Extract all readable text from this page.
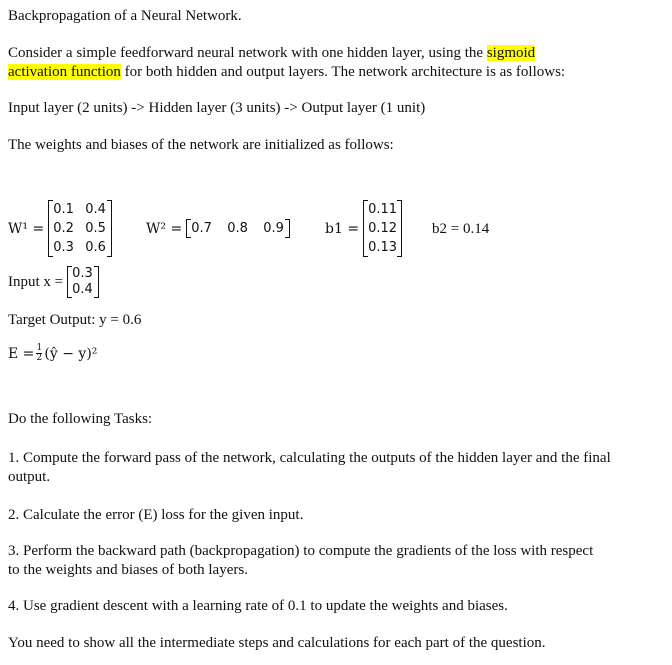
Backpropagation of a Neural Network.
Consider a simple feedforward neural network with one hidden layer, using the sigmoid
activation function for both hidden and output layers. The network architecture is as follows:
Input layer (2 units) -> Hidden layer (3 units) -> Output layer (1 unit)
The weights and biases of the network are initialized as follows:
W¹ =
0.1 0.4
0.2 0.5
0.3 0.6
W² = 0.7 0.8 0.9	b1 =
0.11
0.12
0.13
b2 = 0.14
Input x = 0.3
0.4
Target Output: y = 0.6
$E = \frac{1}{2}$ (ŷ − y)²
Do the following Tasks:
1. Compute the forward pass of the network, calculating the outputs of the hidden layer and the final output.
2. Calculate the error (E) loss for the given input.
3. Perform the backward path (backpropagation) to compute the gradients of the loss with respect to the weights and biases of both layers.
4. Use gradient descent with a learning rate of 0.1 to update the weights and biases.
You need to show all the intermediate steps and calculations for each part of the question.
